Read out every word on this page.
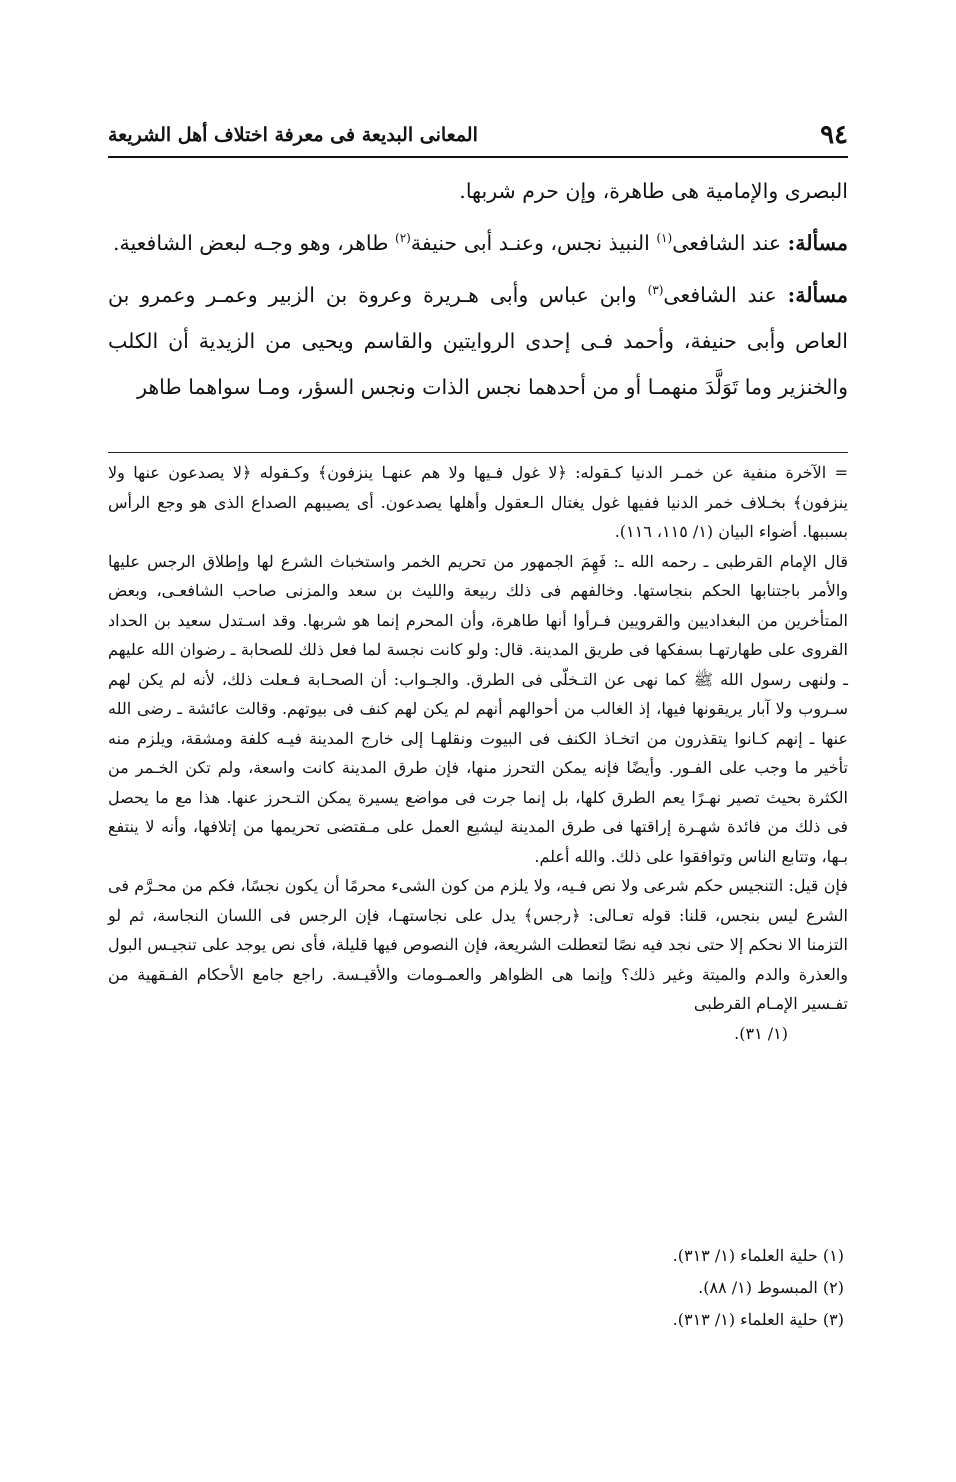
٩٤
المعانى البديعة فى معرفة اختلاف أهل الشريعة

البصرى والإمامية هى طاهرة، وإن حرم شربها.

مسألة: عند الشافعى$^{(١)}$ النبيذ نجس، وعنـد أبى حنيفة$^{(٢)}$ طاهر، وهو وجـه لبعض الشافعية.

مسألة: عند الشافعى$^{(٣)}$ وابن عباس وأبى هـريرة وعروة بن الزبير وعمـر وعمرو بن العاص وأبى حنيفة، وأحمد فـى إحدى الروايتين والقاسم ويحيى من الزيدية أن الكلب والخنزير وما تَوَلَّدَ منهمـا أو من أحدهما نجس الذات ونجس السؤر، ومـا سواهما طاهر

= الآخرة منفية عن خمـر الدنيا كـقوله: ﴿لا غول فـيها ولا هم عنهـا ينزفون﴾ وكـقوله ﴿لا يصدعون عنها ولا ينزفون﴾ بخـلاف خمر الدنيا ففيها غول يغتال الـعقول وأهلها يصدعون. أى يصيبهم الصداع الذى هو وجع الرأس بسببها. أضواء البيان (١/ ١١٥، ١١٦).

قال الإمام القرطبى ـ رحمه الله ـ: فَهِمَ الجمهور من تحريم الخمر واستخباث الشرع لها وإطلاق الرجس عليها والأمر باجتنابها الحكم بنجاستها. وخالفهم فى ذلك ربيعة والليث بن سعد والمزنى صاحب الشافعـى، وبعض المتأخرين من البغداديين والقرويين فـرأوا أنها طاهرة، وأن المحرم إنما هو شربها. وقد اسـتدل سعيد بن الحداد القروى على طهارتهـا بسفكها فى طريق المدينة. قال: ولو كانت نجسة لما فعل ذلك للصحابة ـ رضوان الله عليهم ـ ولنهى رسول الله ﷺ كما نهى عن التـخلّى فى الطرق. والجـواب: أن الصحـابة فـعلت ذلك، لأنه لم يكن لهم سـروب ولا آبار يريقونها فيها، إذ الغالب من أحوالهم أنهم لم يكن لهم كنف فى بيوتهم. وقالت عائشة ـ رضى الله عنها ـ إنهم كـانوا يتقذرون من اتخـاذ الكنف فى البيوت ونقلهـا إلى خارج المدينة فيـه كلفة ومشقة، ويلزم منه تأخير ما وجب على الفـور. وأيضًا فإنه يمكن التحرز منها، فإن طرق المدينة كانت واسعة، ولم تكن الخـمر من الكثرة بحيث تصير نهـرًا يعم الطرق كلها، بل إنما جرت فى مواضع يسيرة يمكن التـحرز عنها. هذا مع ما يحصل فى ذلك من فائدة شهـرة إراقتها فى طرق المدينة ليشيع العمل على مـقتضى تحريمها من إتلافها، وأنه لا ينتفع بـها، وتتابع الناس وتوافقوا على ذلك. والله أعلم.

فإن قيل: التنجيس حكم شرعى ولا نص فـيه، ولا يلزم من كون الشىء محرمًا أن يكون نجسًا، فكم من محـرَّم فى الشرع ليس بنجس، قلنا: قوله تعـالى: ﴿رجس﴾ يدل على نجاستهـا، فإن الرجس فى اللسان النجاسة، ثم لو التزمنا الا نحكم إلا حتى نجد فيه نصًا لتعطلت الشريعة، فإن النصوص فيها قليلة، فأى نص يوجد على تنجيـس البول والعذرة والدم والميتة وغير ذلك؟ وإنما هى الظواهر والعمـومات والأقيـسة. راجع جامع الأحكام الفـقهية من تفـسير الإمـام القرطبى

(١/ ٣١).

(١) حلية العلماء (١/ ٣١٣).

(٢) المبسوط (١/ ٨٨).

(٣) حلية العلماء (١/ ٣١٣).
